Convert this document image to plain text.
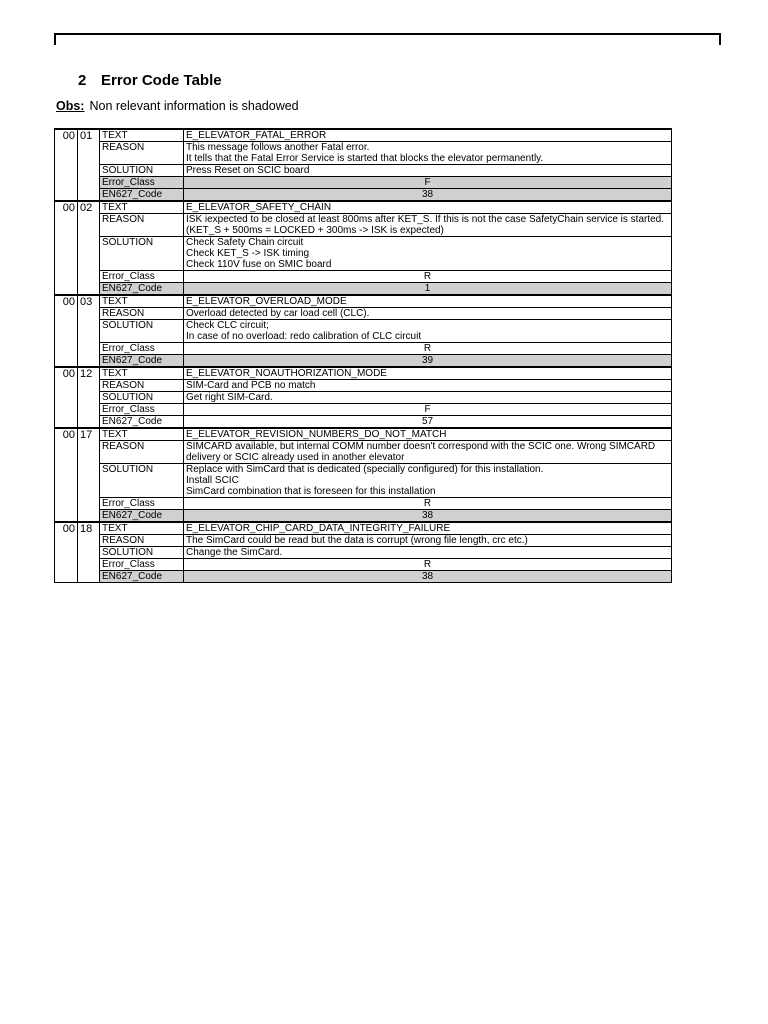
2 Error Code Table
Obs: Non relevant information is shadowed
00	01	TEXT	E_ELEVATOR_FATAL_ERROR
		REASON	This message follows another Fatal error.
It tells that the Fatal Error Service is started that blocks the elevator permanently.
		SOLUTION	Press Reset on SCIC board
		Error_Class	F
		EN627_Code	38
00	02	TEXT	E_ELEVATOR_SAFETY_CHAIN
		REASON	ISK iexpected to be closed at least 800ms after KET_S. If this is not the case SafetyChain service is started. (KET_S + 500ms = LOCKED + 300ms -> ISK is expected)
		SOLUTION	Check Safety Chain circuit
Check KET_S -> ISK timing
Check 110V fuse on SMIC board
		Error_Class	R
		EN627_Code	1
00	03	TEXT	E_ELEVATOR_OVERLOAD_MODE
		REASON	Overload detected by car load cell (CLC).
		SOLUTION	Check CLC circuit;
In case of no overload: redo calibration of CLC circuit
		Error_Class	R
		EN627_Code	39
00	12	TEXT	E_ELEVATOR_NOAUTHORIZATION_MODE
		REASON	SIM-Card and PCB no match
		SOLUTION	Get right SIM-Card.
		Error_Class	F
		EN627_Code	57
00	17	TEXT	E_ELEVATOR_REVISION_NUMBERS_DO_NOT_MATCH
		REASON	SIMCARD available, but internal COMM number doesn't correspond with the SCIC one. Wrong SIMCARD delivery or SCIC already used in another elevator
		SOLUTION	Replace with SimCard that is dedicated (specially configured) for this installation.
Install SCIC
SimCard combination that is foreseen for this installation
		Error_Class	R
		EN627_Code	38
00	18	TEXT	E_ELEVATOR_CHIP_CARD_DATA_INTEGRITY_FAILURE
		REASON	The SimCard could be read but the data is corrupt (wrong file length, crc etc.)
		SOLUTION	Change the SimCard.
		Error_Class	R
		EN627_Code	38
